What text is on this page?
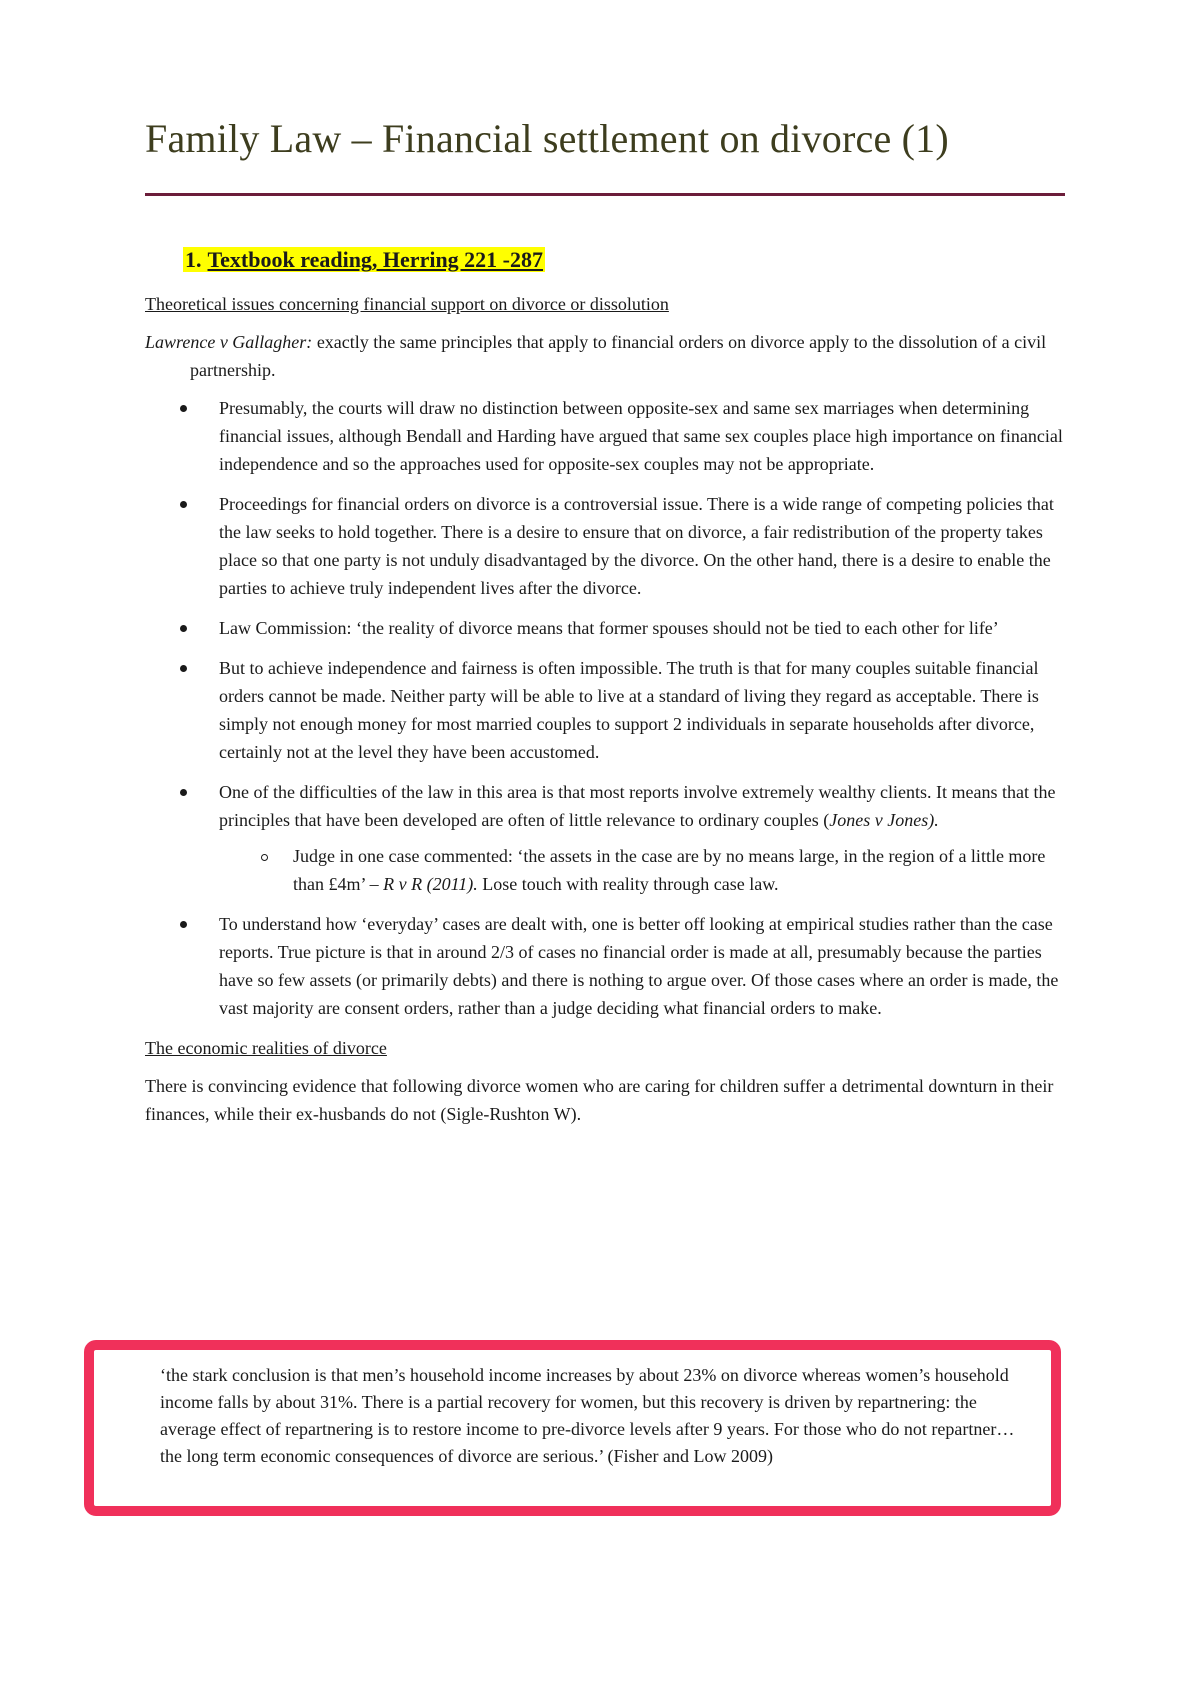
Family Law – Financial settlement on divorce (1)
1. Textbook reading, Herring 221 -287

Theoretical issues concerning financial support on divorce or dissolution

Lawrence v Gallagher: exactly the same principles that apply to financial orders on divorce apply to the dissolution of a civil partnership.

Presumably, the courts will draw no distinction between opposite-sex and same sex marriages when determining financial issues, although Bendall and Harding have argued that same sex couples place high importance on financial independence and so the approaches used for opposite-sex couples may not be appropriate.
Proceedings for financial orders on divorce is a controversial issue. There is a wide range of competing policies that the law seeks to hold together. There is a desire to ensure that on divorce, a fair redistribution of the property takes place so that one party is not unduly disadvantaged by the divorce. On the other hand, there is a desire to enable the parties to achieve truly independent lives after the divorce.
Law Commission: ‘the reality of divorce means that former spouses should not be tied to each other for life’
But to achieve independence and fairness is often impossible. The truth is that for many couples suitable financial orders cannot be made. Neither party will be able to live at a standard of living they regard as acceptable. There is simply not enough money for most married couples to support 2 individuals in separate households after divorce, certainly not at the level they have been accustomed.
One of the difficulties of the law in this area is that most reports involve extremely wealthy clients. It means that the principles that have been developed are often of little relevance to ordinary couples (Jones v Jones).
Judge in one case commented: ‘the assets in the case are by no means large, in the region of a little more than £4m’ – R v R (2011). Lose touch with reality through case law.
To understand how ‘everyday’ cases are dealt with, one is better off looking at empirical studies rather than the case reports. True picture is that in around 2/3 of cases no financial order is made at all, presumably because the parties have so few assets (or primarily debts) and there is nothing to argue over. Of those cases where an order is made, the vast majority are consent orders, rather than a judge deciding what financial orders to make.

The economic realities of divorce

There is convincing evidence that following divorce women who are caring for children suffer a detrimental downturn in their finances, while their ex-husbands do not (Sigle-Rushton W).

‘the stark conclusion is that men’s household income increases by about 23% on divorce whereas women’s household income falls by about 31%. There is a partial recovery for women, but this recovery is driven by repartnering: the average effect of repartnering is to restore income to pre-divorce levels after 9 years. For those who do not repartner…the long term economic consequences of divorce are serious.’ (Fisher and Low 2009)
